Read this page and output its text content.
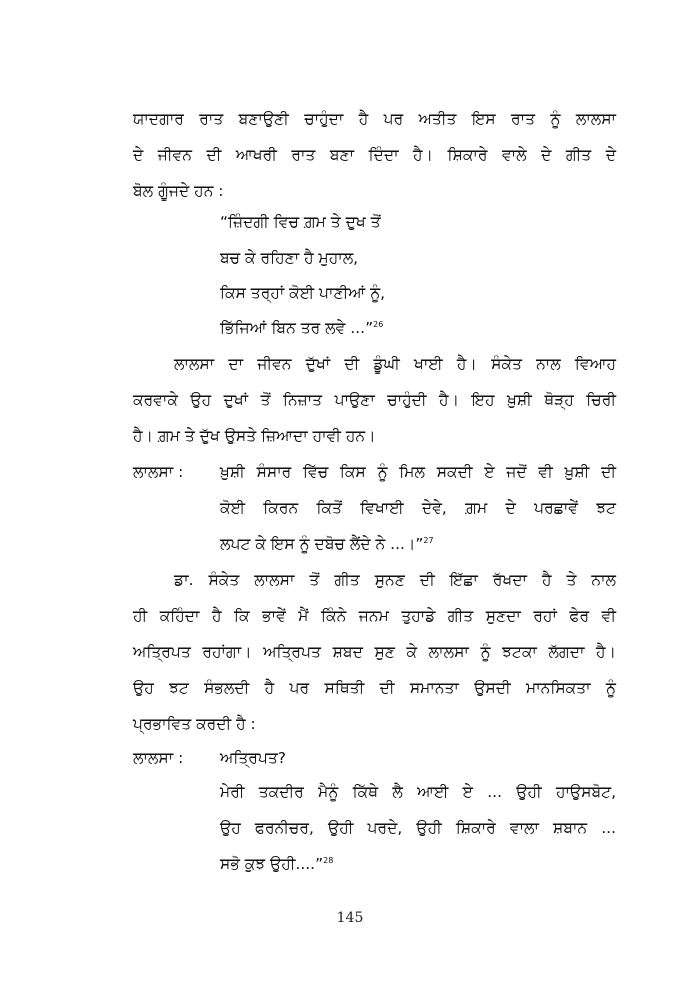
ਯਾਦਗਾਰ ਰਾਤ ਬਣਾਉਣੀ ਚਾਹੁੰਦਾ ਹੈ ਪਰ ਅਤੀਤ ਇਸ ਰਾਤ ਨੂੰ ਲਾਲਸਾ
ਦੇ ਜੀਵਨ ਦੀ ਆਖਰੀ ਰਾਤ ਬਣਾ ਦਿੰਦਾ ਹੈ। ਸ਼ਿਕਾਰੇ ਵਾਲੇ ਦੇ ਗੀਤ ਦੇ
ਬੋਲ ਗੂੰਜਦੇ ਹਨ :
“ਜ਼ਿੰਦਗੀ ਵਿਚ ਗ਼ਮ ਤੇ ਦੁਖ ਤੋਂ
ਬਚ ਕੇ ਰਹਿਣਾ ਹੈ ਮੁਹਾਲ,
ਕਿਸ ਤਰ੍ਹਾਂ ਕੋਈ ਪਾਣੀਆਂ ਨੂੰ,
ਭਿੱਜਿਆਂ ਬਿਨ ਤਰ ਲਵੇ ...”$^{26}$
ਲਾਲਸਾ ਦਾ ਜੀਵਨ ਦੁੱਖਾਂ ਦੀ ਡੂੰਘੀ ਖਾਈ ਹੈ। ਸੰਕੇਤ ਨਾਲ ਵਿਆਹ
ਕਰਵਾਕੇ ਉਹ ਦੁਖਾਂ ਤੋਂ ਨਿਜ਼ਾਤ ਪਾਉਣਾ ਚਾਹੁੰਦੀ ਹੈ। ਇਹ ਖ਼ੁਸ਼ੀ ਥੋੜ੍ਹ ਚਿਰੀ
ਹੈ। ਗ਼ਮ ਤੇ ਦੁੱਖ ਉਸਤੇ ਜ਼ਿਆਦਾ ਹਾਵੀ ਹਨ।
ਲਾਲਸਾ : ਖ਼ੁਸ਼ੀ ਸੰਸਾਰ ਵਿੱਚ ਕਿਸ ਨੂੰ ਮਿਲ ਸਕਦੀ ਏ ਜਦੋਂ ਵੀ ਖ਼ੁਸ਼ੀ ਦੀ
ਕੋਈ ਕਿਰਨ ਕਿਤੋਂ ਵਿਖਾਈ ਦੇਵੇ, ਗ਼ਮ ਦੇ ਪਰਛਾਵੇਂ ਝਟ
ਲਪਟ ਕੇ ਇਸ ਨੂੰ ਦਬੋਚ ਲੈਂਦੇ ਨੇ ...।”$^{27}$
ਡਾ. ਸੰਕੇਤ ਲਾਲਸਾ ਤੋਂ ਗੀਤ ਸੁਨਣ ਦੀ ਇੱਛਾ ਰੱਖਦਾ ਹੈ ਤੇ ਨਾਲ
ਹੀ ਕਹਿੰਦਾ ਹੈ ਕਿ ਭਾਵੇਂ ਮੈਂ ਕਿੰਨੇ ਜਨਮ ਤੁਹਾਡੇ ਗੀਤ ਸੁਣਦਾ ਰਹਾਂ ਫੇਰ ਵੀ
ਅਤ੍ਰਿਪਤ ਰਹਾਂਗਾ। ਅਤ੍ਰਿਪਤ ਸ਼ਬਦ ਸੁਣ ਕੇ ਲਾਲਸਾ ਨੂੰ ਝਟਕਾ ਲੱਗਦਾ ਹੈ।
ਉਹ ਝਟ ਸੰਭਲਦੀ ਹੈ ਪਰ ਸਥਿਤੀ ਦੀ ਸਮਾਨਤਾ ਉਸਦੀ ਮਾਨਸਿਕਤਾ ਨੂੰ
ਪ੍ਰਭਾਵਿਤ ਕਰਦੀ ਹੈ :
ਲਾਲਸਾ : ਅਤ੍ਰਿਪਤ?
ਮੇਰੀ ਤਕਦੀਰ ਮੈਨੂੰ ਕਿੱਥੇ ਲੈ ਆਈ ਏ ... ਉਹੀ ਹਾਉਸਬੋਟ,
ਉਹ ਫਰਨੀਚਰ, ਉਹੀ ਪਰਦੇ, ਉਹੀ ਸ਼ਿਕਾਰੇ ਵਾਲਾ ਸ਼ਬਾਨ ...
ਸਭੋ ਕੁਝ ਉਹੀ....”$^{28}$
145
